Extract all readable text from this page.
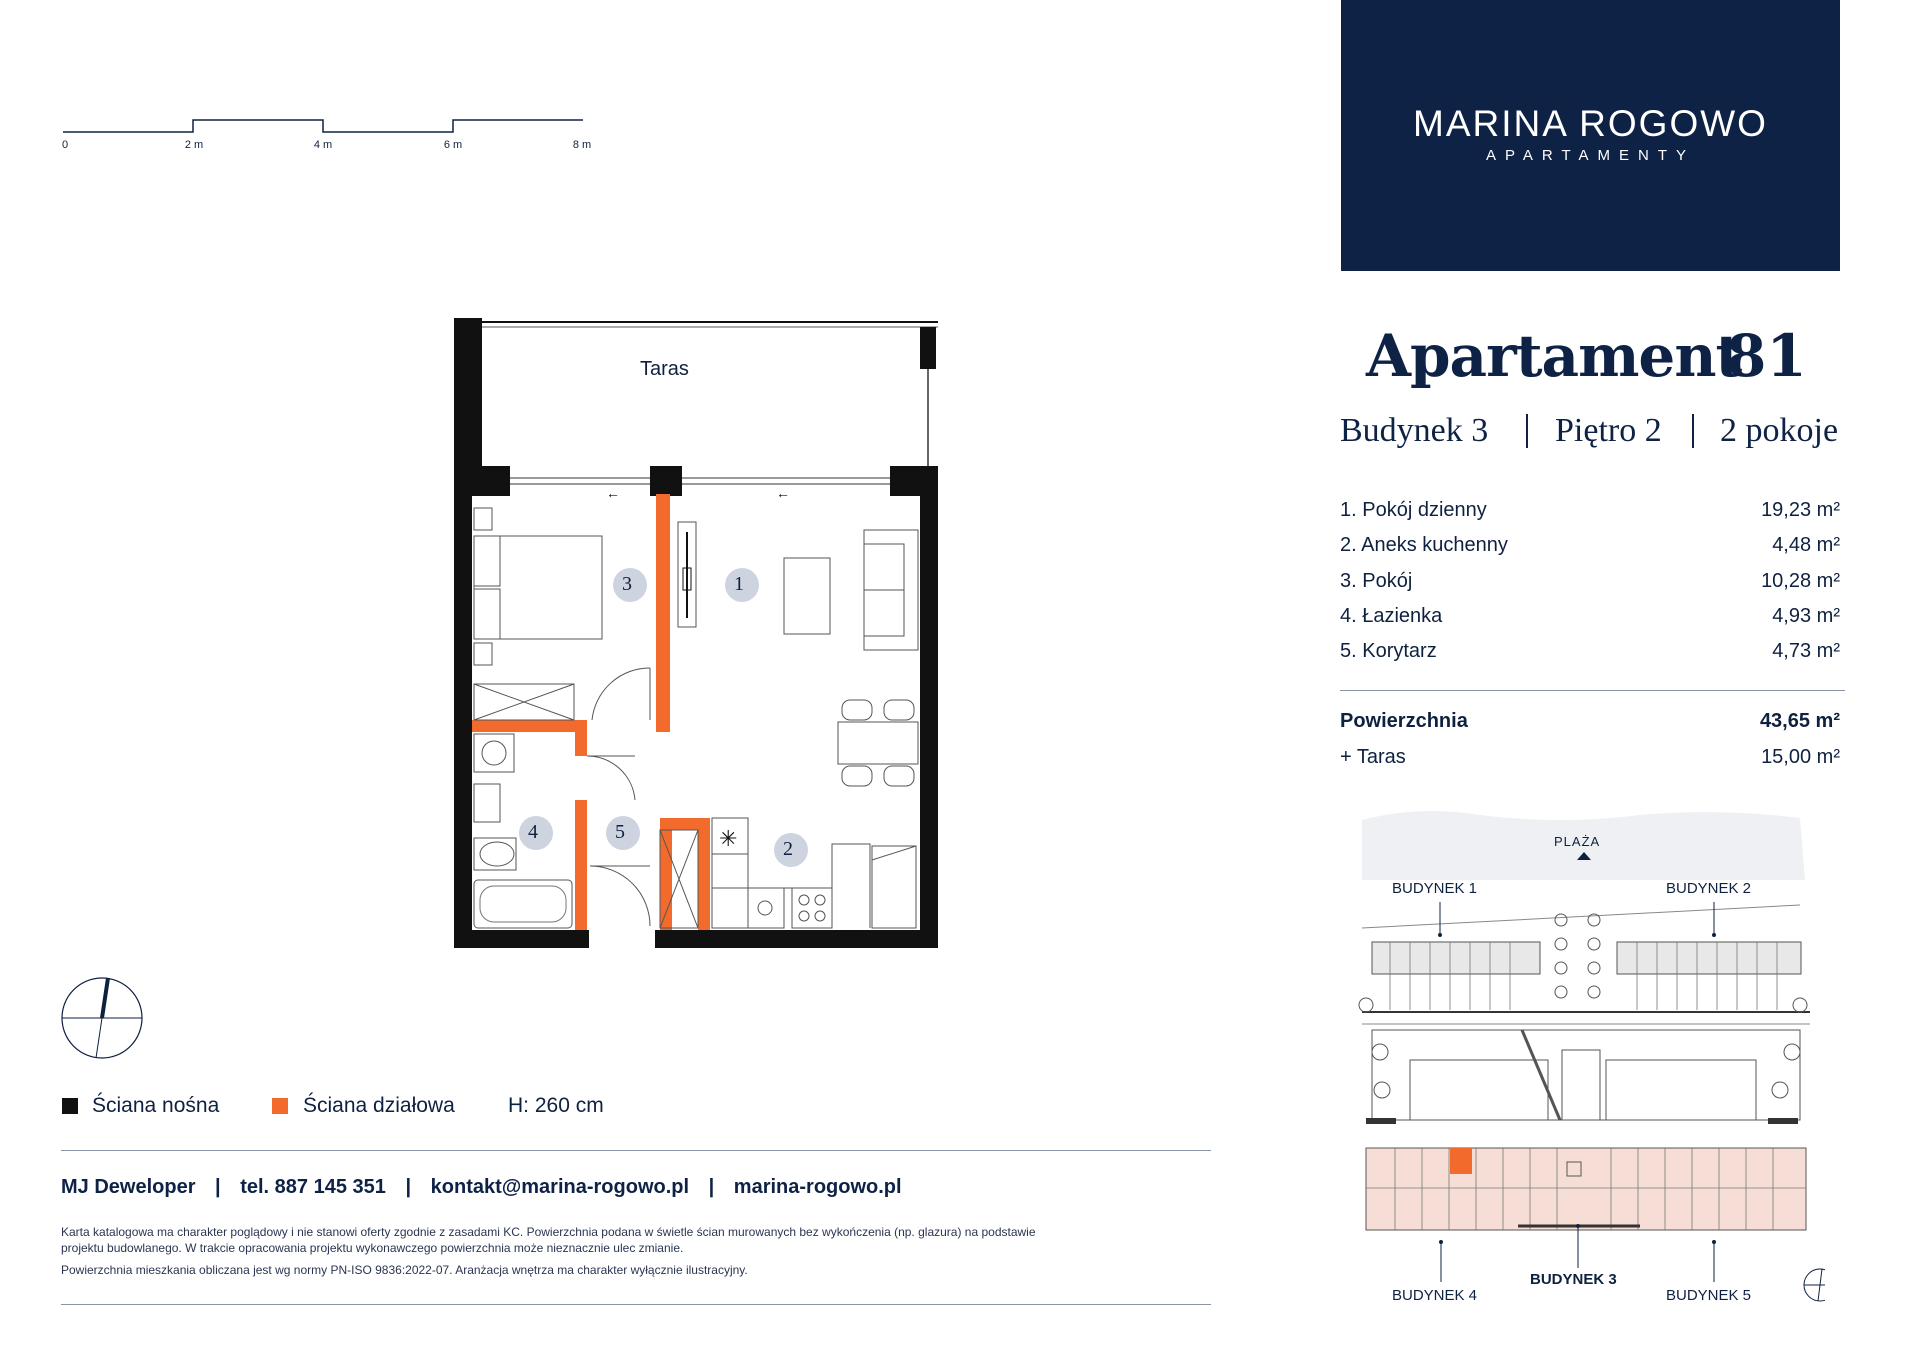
0	2 m	4 m	6 m	8 m
MARINA ROGOWO
APARTAMENTY
Apartament
81
Budynek 3 Piętro 2 2 pokoje
1. Pokój dzienny	19,23 m²
2. Aneks kuchenny	4,48 m²
3. Pokój	10,28 m²
4. Łazienka	4,93 m²
5. Korytarz	4,73 m²
Powierzchnia	43,65 m²
+ Taras	15,00 m²
←	←
✳
Taras
1
2
3
4	5
Ściana nośna	Ściana działowa	H: 260 cm
MJ Deweloper | tel. 887 145 351 | kontakt@marina-rogowo.pl | marina-rogowo.pl
Karta katalogowa ma charakter poglądowy i nie stanowi oferty zgodnie z zasadami KC. Powierzchnia podana w świetle ścian murowanych bez wykończenia (np. glazura) na podstawie
projektu budowlanego. W trakcie opracowania projektu wykonawczego powierzchnia może nieznacznie ulec zmianie.
Powierzchnia mieszkania obliczana jest wg normy PN-ISO 9836:2022-07. Aranżacja wnętrza ma charakter wyłącznie ilustracyjny.
PLAŻA
BUDYNEK 1	BUDYNEK 2
BUDYNEK 3
BUDYNEK 4	BUDYNEK 5
